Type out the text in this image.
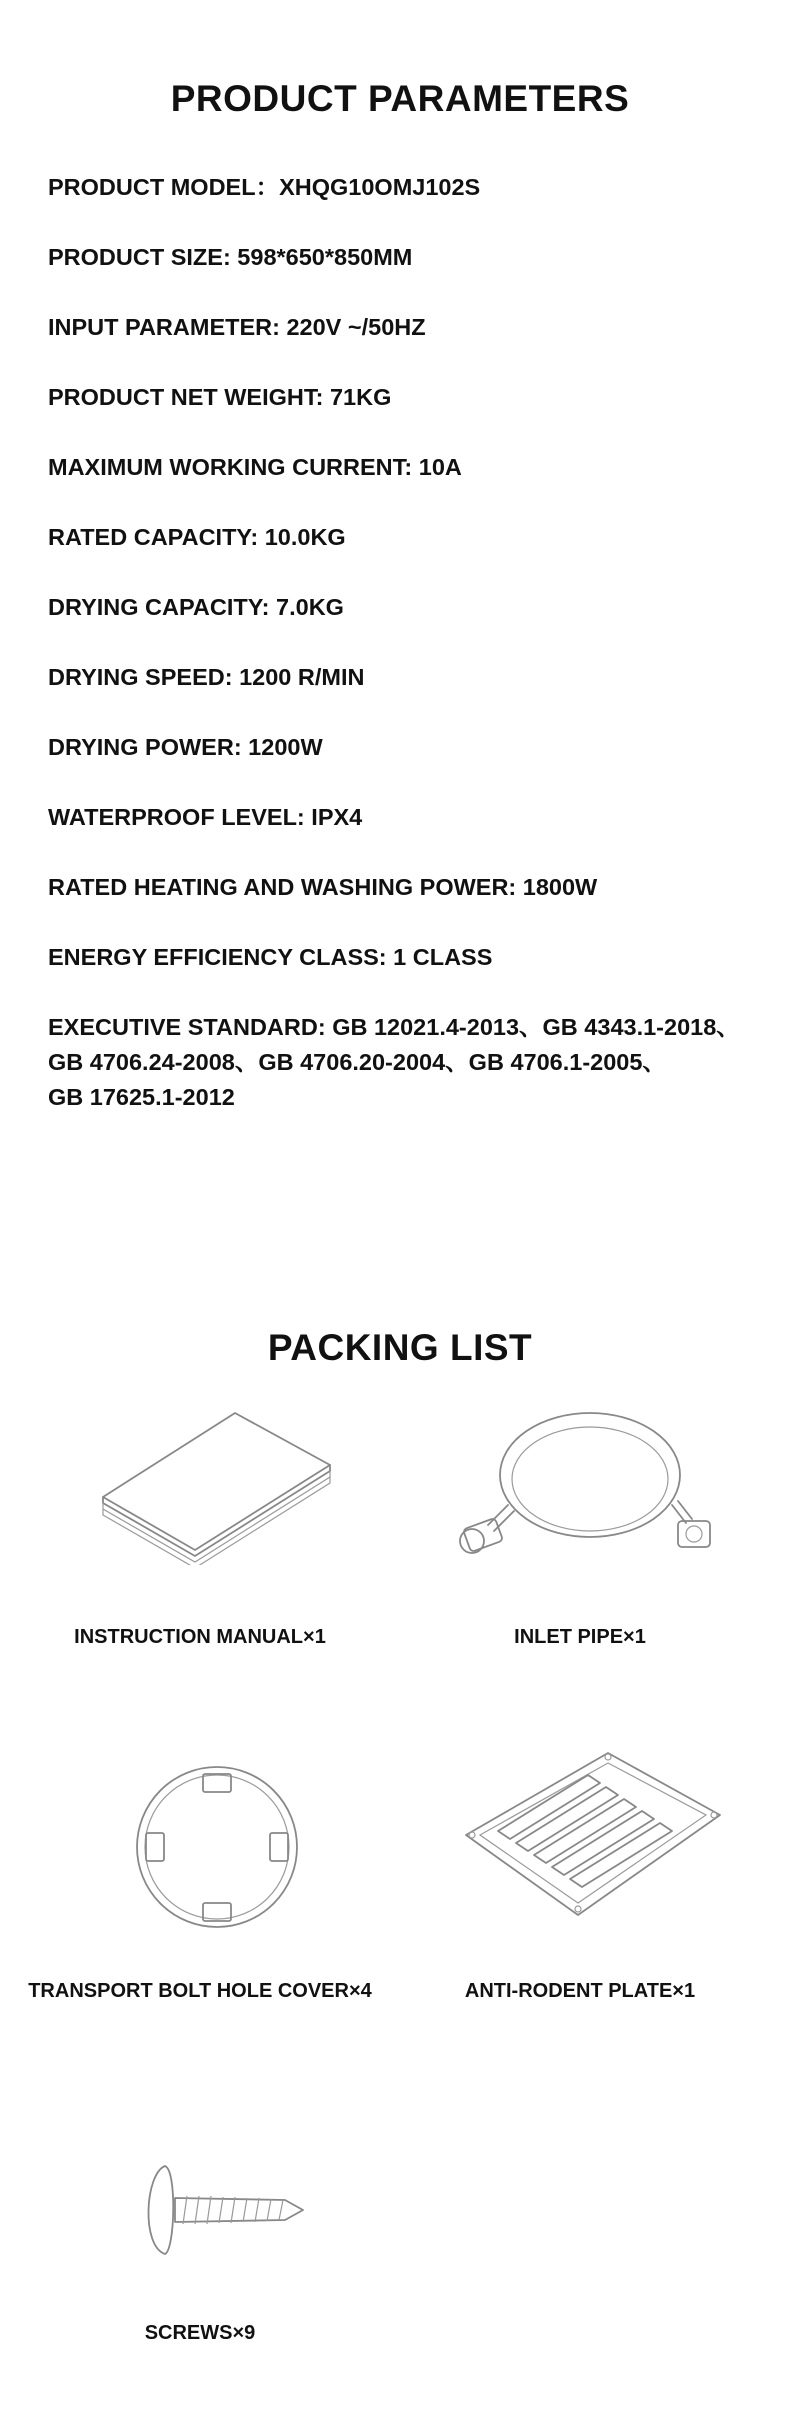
PRODUCT PARAMETERS
PRODUCT MODEL：XHQG10OMJ102S
PRODUCT SIZE: 598*650*850MM
INPUT PARAMETER: 220V ~/50HZ
PRODUCT NET WEIGHT: 71KG
MAXIMUM WORKING CURRENT: 10A
RATED CAPACITY: 10.0KG
DRYING CAPACITY: 7.0KG
DRYING SPEED: 1200 R/MIN
DRYING POWER: 1200W
WATERPROOF LEVEL: IPX4
RATED HEATING AND WASHING POWER: 1800W
ENERGY EFFICIENCY CLASS: 1 CLASS
EXECUTIVE STANDARD: GB 12021.4-2013、GB 4343.1-2018、
GB 4706.24-2008、GB 4706.20-2004、GB 4706.1-2005、
GB 17625.1-2012
PACKING LIST
INSTRUCTION MANUAL×1	INLET PIPE×1
TRANSPORT BOLT HOLE COVER×4	ANTI-RODENT PLATE×1
SCREWS×9
